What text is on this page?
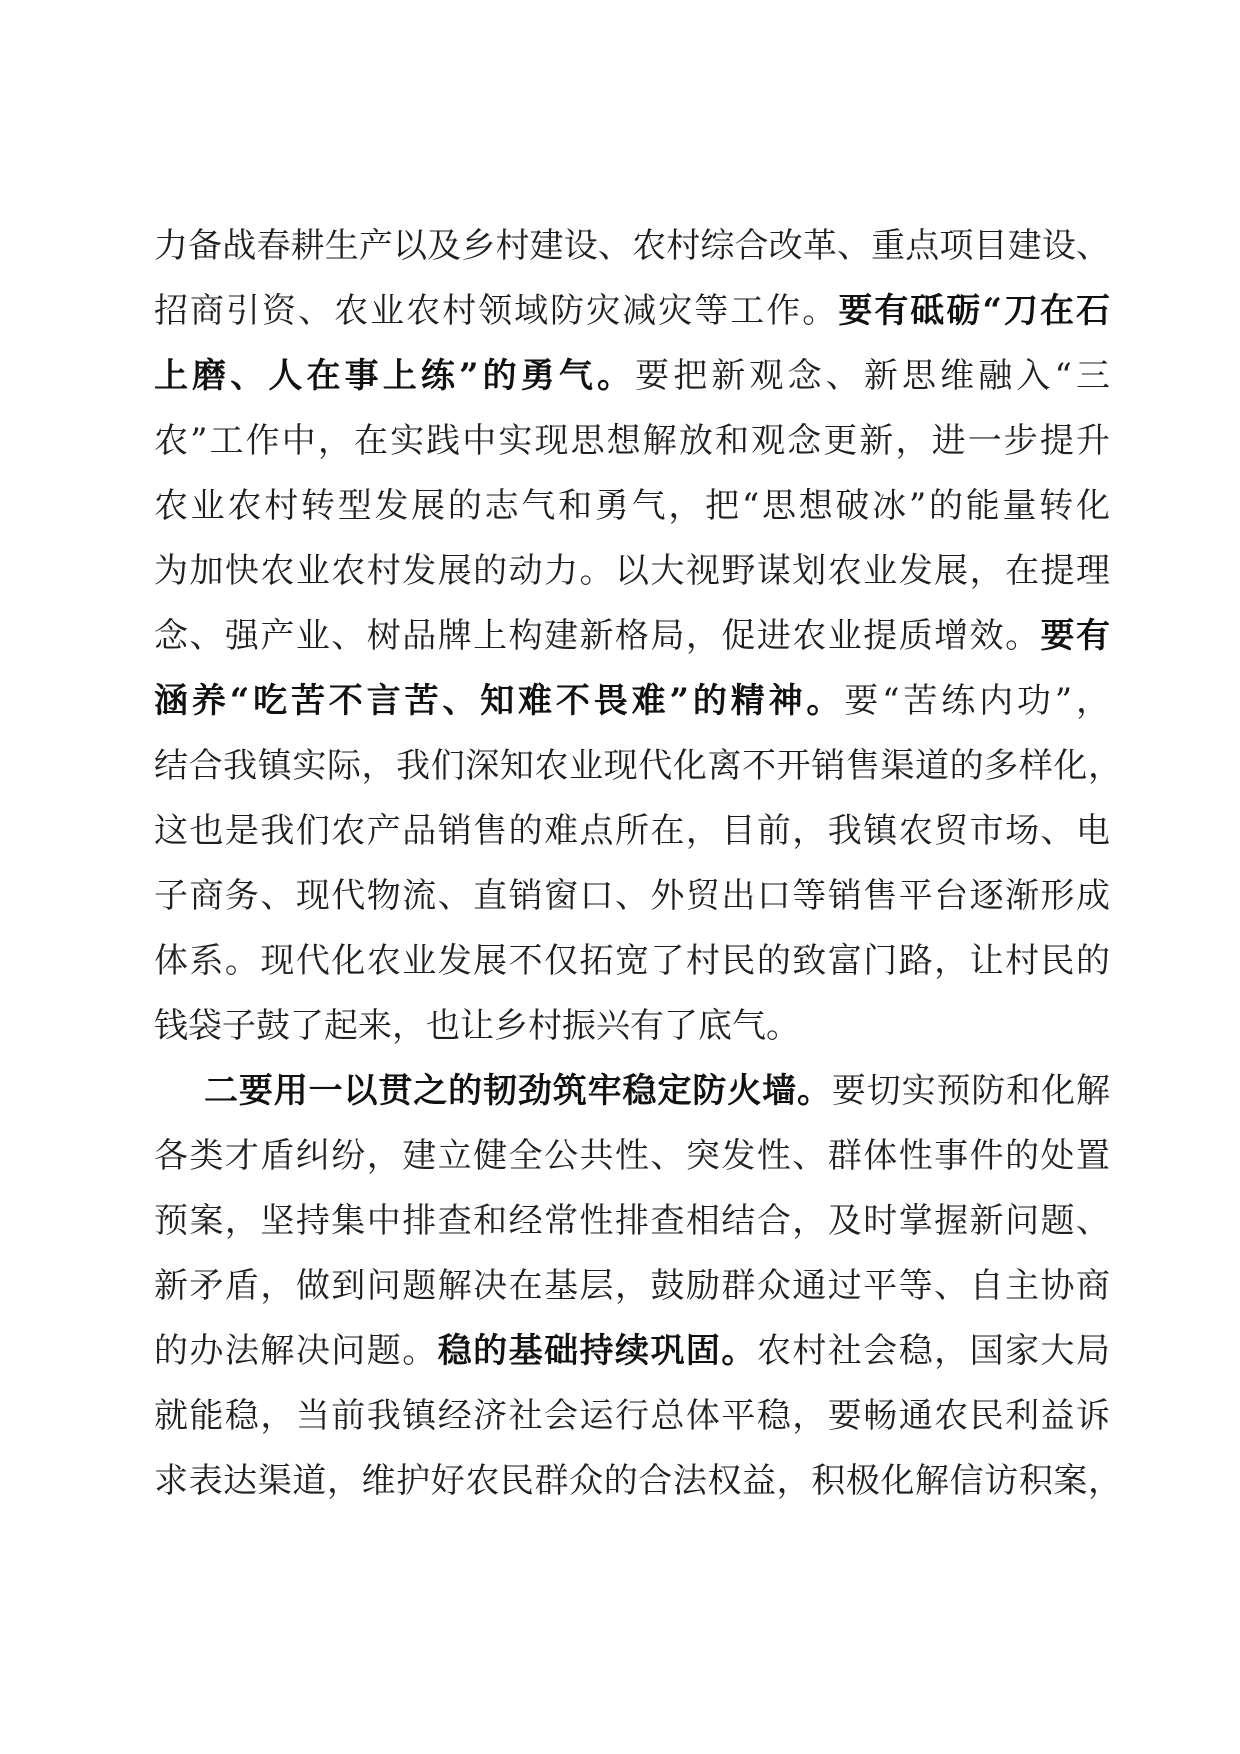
力备战春耕生产以及乡村建设、农村综合改革、重点项目建设、
招商引资、农业农村领域防灾减灾等工作。要有砥砺“刀在石
上磨、人在事上练”的勇气。要把新观念、新思维融入“三
农”工作中，在实践中实现思想解放和观念更新，进一步提升
农业农村转型发展的志气和勇气，把“思想破冰”的能量转化
为加快农业农村发展的动力。以大视野谋划农业发展，在提理
念、强产业、树品牌上构建新格局，促进农业提质增效。要有
涵养“吃苦不言苦、知难不畏难”的精神。要“苦练内功”，
结合我镇实际，我们深知农业现代化离不开销售渠道的多样化，
这也是我们农产品销售的难点所在，目前，我镇农贸市场、电
子商务、现代物流、直销窗口、外贸出口等销售平台逐渐形成
体系。现代化农业发展不仅拓宽了村民的致富门路，让村民的
钱袋子鼓了起来，也让乡村振兴有了底气。
二要用一以贯之的韧劲筑牢稳定防火墙。要切实预防和化解
各类才盾纠纷，建立健全公共性、突发性、群体性事件的处置
预案，坚持集中排查和经常性排查相结合，及时掌握新问题、
新矛盾，做到问题解决在基层，鼓励群众通过平等、自主协商
的办法解决问题。稳的基础持续巩固。农村社会稳，国家大局
就能稳，当前我镇经济社会运行总体平稳，要畅通农民利益诉
求表达渠道，维护好农民群众的合法权益，积极化解信访积案，
